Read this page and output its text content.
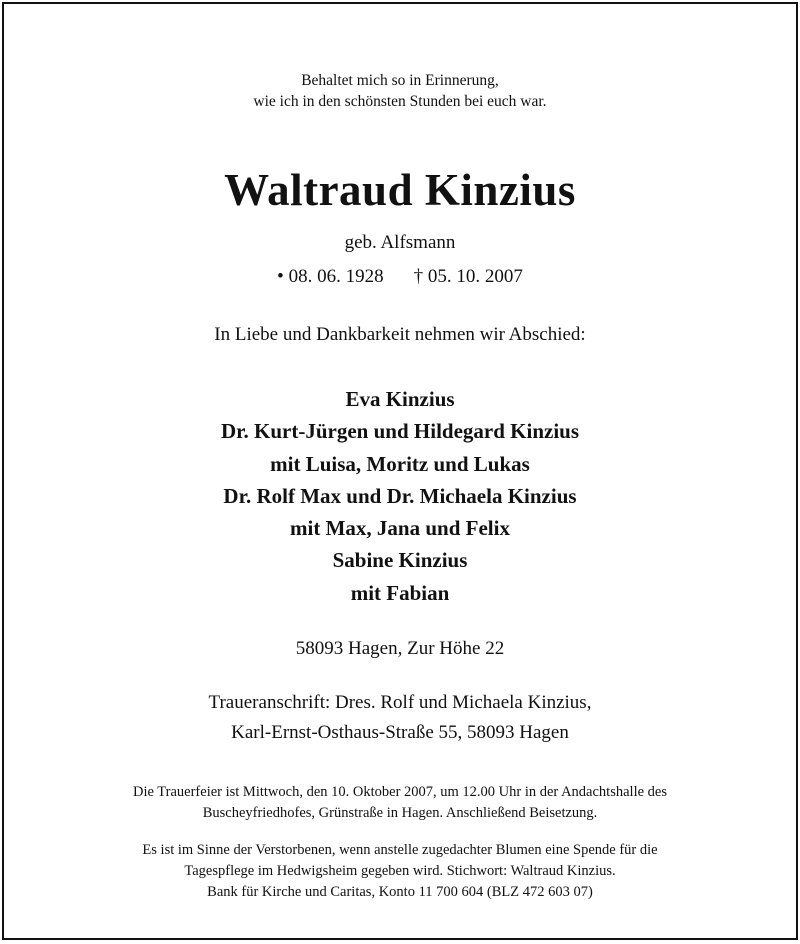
Behaltet mich so in Erinnerung,
wie ich in den schönsten Stunden bei euch war.
Waltraud Kinzius
geb. Alfsmann
• 08. 06. 1928 † 05. 10. 2007
In Liebe und Dankbarkeit nehmen wir Abschied:
Eva Kinzius
Dr. Kurt-Jürgen und Hildegard Kinzius
mit Luisa, Moritz und Lukas
Dr. Rolf Max und Dr. Michaela Kinzius
mit Max, Jana und Felix
Sabine Kinzius
mit Fabian
58093 Hagen, Zur Höhe 22
Traueranschrift: Dres. Rolf und Michaela Kinzius,
Karl-Ernst-Osthaus-Straße 55, 58093 Hagen
Die Trauerfeier ist Mittwoch, den 10. Oktober 2007, um 12.00 Uhr in der Andachtshalle des
Buscheyfriedhofes, Grünstraße in Hagen. Anschließend Beisetzung.
Es ist im Sinne der Verstorbenen, wenn anstelle zugedachter Blumen eine Spende für die
Tagespflege im Hedwigsheim gegeben wird. Stichwort: Waltraud Kinzius.
Bank für Kirche und Caritas, Konto 11 700 604 (BLZ 472 603 07)
